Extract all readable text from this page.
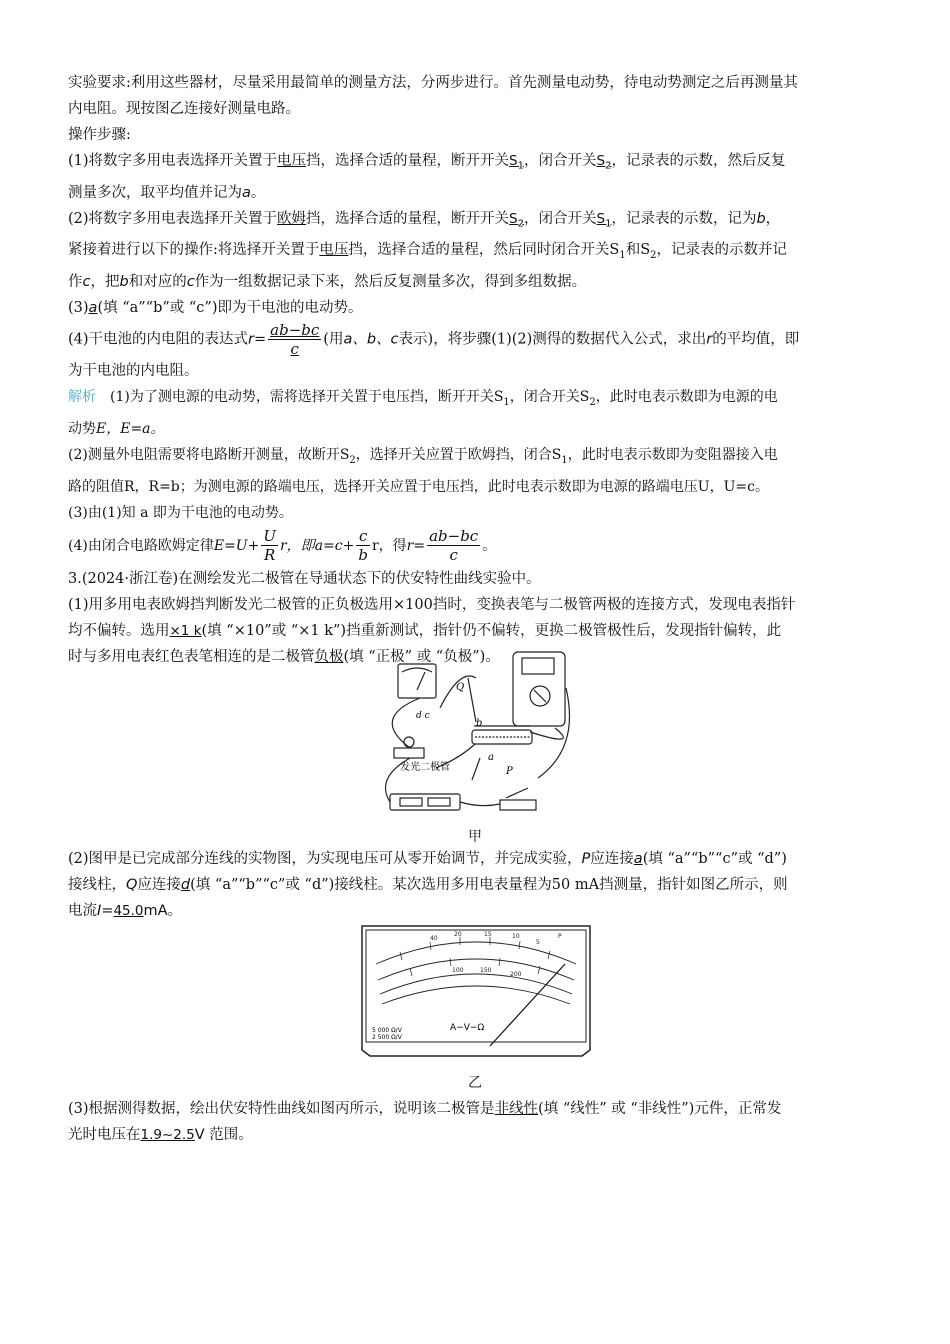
实验要求:利用这些器材，尽量采用最简单的测量方法，分两步进行。首先测量电动势，待电动势测定之后再测量其

内电阻。现按图乙连接好测量电路。

操作步骤:

(1)将数字多用电表选择开关置于电压挡，选择合适的量程，断开开关$S_1$，闭合开关$S_2$，记录表的示数，然后反复
测量多次，取平均值并记为a。

(2)将数字多用电表选择开关置于欧姆挡，选择合适的量程，断开开关$S_2$，闭合开关$S_1$，记录表的示数，记为b，
紧接着进行以下的操作:将选择开关置于电压挡，选择合适的量程，然后同时闭合开关$S_1$和$S_2$，记录表的示数并记
作c，把b和对应的c作为一组数据记录下来，然后反复测量多次，得到多组数据。

(3)a(填 “a”“b”或 “c”)即为干电池的电动势。

(4)干电池的内电阻的表达式$r= \frac{ab-bc}{c}$ (用a、b、c表示)，将步骤(1)(2)测得的数据代入公式，求出r的平均值，即

为干电池的内电阻。

解析 (1)为了测电源的电动势，需将选择开关置于电压挡，断开开关$S_1$，闭合开关$S_2$，此时电表示数即为电源的电

动势E，E=a。

(2)测量外电阻需要将电路断开测量，故断开$S_2$，选择开关应置于欧姆挡，闭合$S_1$，此时电表示数即为变阻器接入电

路的阻值R，R=b；为测电源的路端电压，选择开关应置于电压挡，此时电表示数即为电源的路端电压U，U=c。

(3)由(1)知 a 即为干电池的电动势。

(4)由闭合电路欧姆定律$E=U+ \frac{U}{R}$ r，即$a=c+ \frac{c}{b}$ r，得$r= \frac{ab-bc}{c}$ 。

3.(2024·浙江卷)在测绘发光二极管在导通状态下的伏安特性曲线实验中。

(1)用多用电表欧姆挡判断发光二极管的正负极选用×100挡时，变换表笔与二极管两极的连接方式，发现电表指针
均不偏转。选用×1 k(填 “×10”或 “×1 k”)挡重新测试，指针仍不偏转，更换二极管极性后，发现指针偏转，此
时与多用电表红色表笔相连的是二极管负极(填 “正极” 或 “负极”)。

发光二极管
Q
b
a
P
d c
甲

(2)图甲是已完成部分连线的实物图，为实现电压可从零开始调节，并完成实验，P应连接a(填 “a”“b”“c”或 “d”)
接线柱，Q应连接d(填 “a”“b”“c”或 “d”)接线柱。某次选用多用电表量程为50 mA挡测量，指针如图乙所示，则
电流I=45.0mA。

A−V−Ω
5 000 Ω/V
2 500 Ω/V
40
20	15	10
5
100	150
200
P
乙

(3)根据测得数据，绘出伏安特性曲线如图丙所示，说明该二极管是非线性(填 “线性” 或 “非线性”)元件，正常发
光时电压在1.9~2.5V 范围。
